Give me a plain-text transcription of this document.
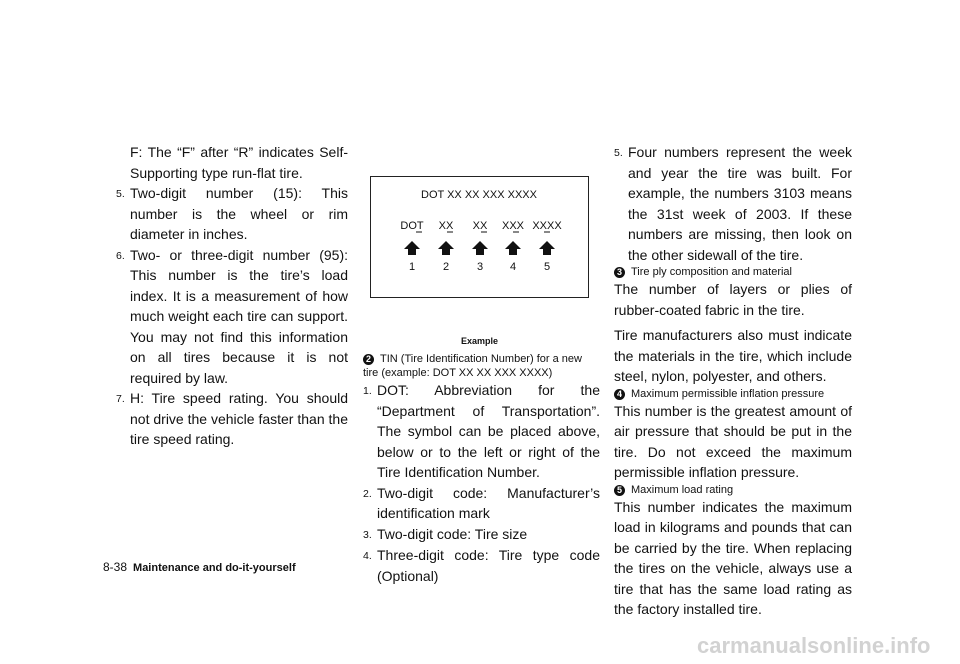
F: The “F” after “R” indicates Self-Supporting type run-flat tire.

5. Two-digit number (15): This number is the wheel or rim diameter in inches.
6. Two- or three-digit number (95): This number is the tire’s load index. It is a measurement of how much weight each tire can support. You may not find this information on all tires because it is not required by law.
7. H: Tire speed rating. You should not drive the vehicle faster than the tire speed rating.
DOT XX XX XXX XXXX
DOT XX XX XXX XXXX
1	2	3 4	5
Example

2 TIN (Tire Identification Number) for a new tire (example: DOT XX XX XXX XXXX)

1. DOT: Abbreviation for the “Department of Transportation”. The symbol can be placed above, below or to the left or right of the Tire Identification Number.
2. Two-digit code: Manufacturer’s identification mark
3. Two-digit code: Tire size
4. Three-digit code: Tire type code (Optional)
5. Four numbers represent the week and year the tire was built. For example, the numbers 3103 means the 31st week of 2003. If these numbers are missing, then look on the other sidewall of the tire.

3 Tire ply composition and material

The number of layers or plies of rubber-coated fabric in the tire.

Tire manufacturers also must indicate the materials in the tire, which include steel, nylon, polyester, and others.

4 Maximum permissible inflation pressure

This number is the greatest amount of air pressure that should be put in the tire. Do not exceed the maximum permissible inflation pressure.

5 Maximum load rating

This number indicates the maximum load in kilograms and pounds that can be carried by the tire. When replacing the tires on the vehicle, always use a tire that has the same load rating as the factory installed tire.

8-38 Maintenance and do-it-yourself
carmanualsonline.info
